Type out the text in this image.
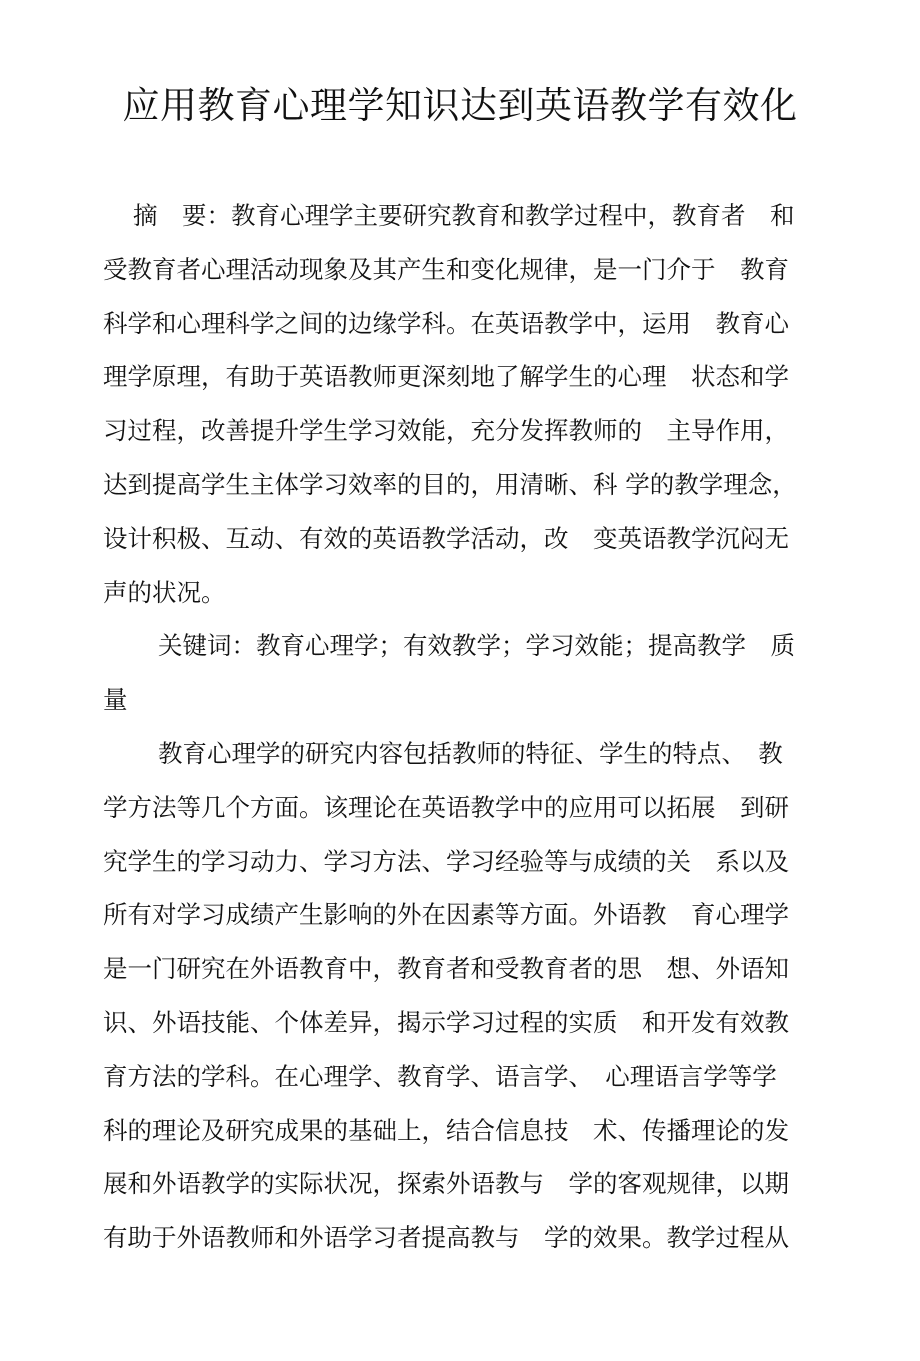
应用教育心理学知识达到英语教学有效化
摘　要：教育心理学主要研究教育和教学过程中，教育者　和
受教育者心理活动现象及其产生和变化规律，是一门介于　教育
科学和心理科学之间的边缘学科。在英语教学中，运用　教育心
理学原理，有助于英语教师更深刻地了解学生的心理　状态和学
习过程，改善提升学生学习效能，充分发挥教师的　主导作用，
达到提高学生主体学习效率的目的，用清晰、科 学的教学理念，
设计积极、互动、有效的英语教学活动，改　变英语教学沉闷无
声的状况。
关键词：教育心理学；有效教学；学习效能；提高教学　质
量
教育心理学的研究内容包括教师的特征、学生的特点、　教
学方法等几个方面。该理论在英语教学中的应用可以拓展　到研
究学生的学习动力、学习方法、学习经验等与成绩的关　系以及
所有对学习成绩产生影响的外在因素等方面。外语教　育心理学
是一门研究在外语教育中，教育者和受教育者的思　想、外语知
识、外语技能、个体差异，揭示学习过程的实质　和开发有效教
育方法的学科。在心理学、教育学、语言学、　心理语言学等学
科的理论及研究成果的基础上，结合信息技　术、传播理论的发
展和外语教学的实际状况，探索外语教与　学的客观规律，以期
有助于外语教师和外语学习者提高教与　学的效果。教学过程从
